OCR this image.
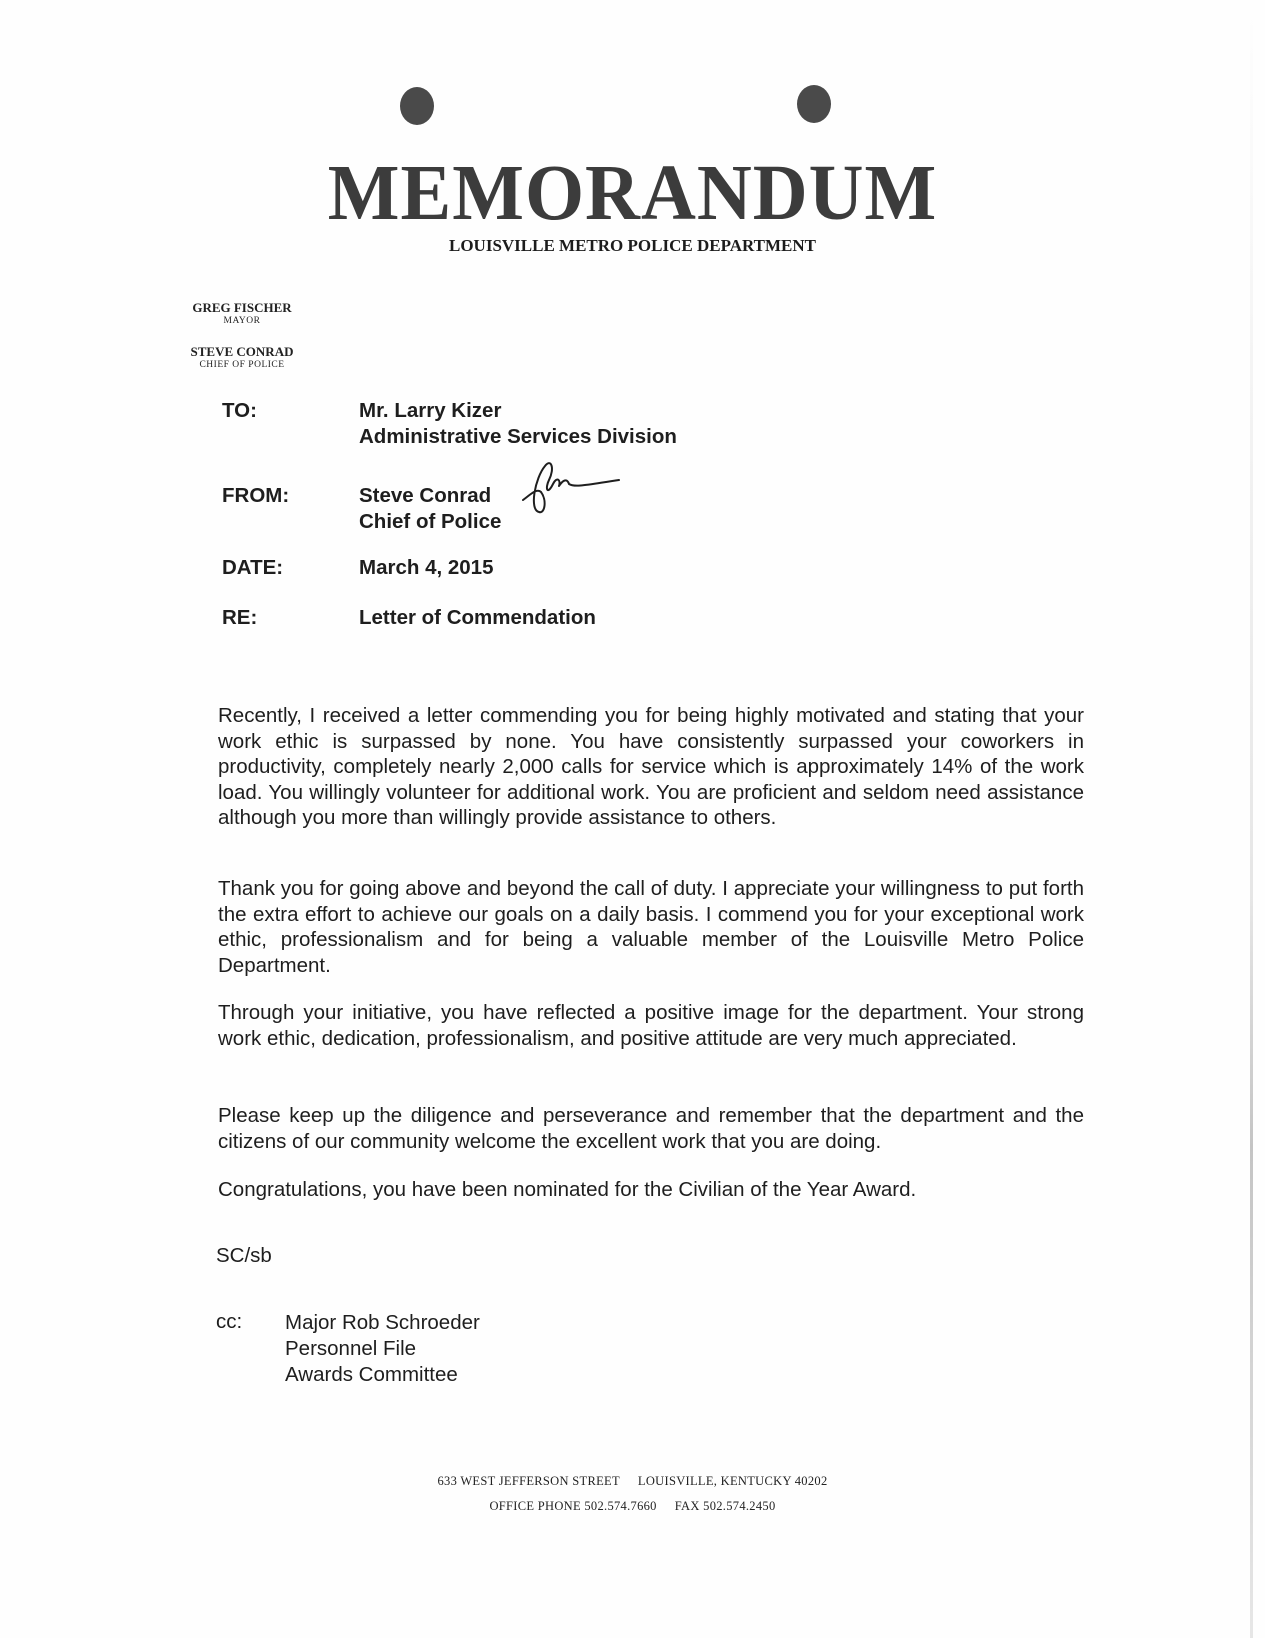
MEMORANDUM
LOUISVILLE METRO POLICE DEPARTMENT
GREG FISCHER
MAYOR
STEVE CONRAD
CHIEF OF POLICE
TO:	Mr. Larry Kizer
Administrative Services Division
FROM:	Steve Conrad
Chief of Police
DATE:	March 4, 2015
RE:	Letter of Commendation

Recently, I received a letter commending you for being highly motivated and stating that your work ethic is surpassed by none. You have consistently surpassed your coworkers in productivity, completely nearly 2,000 calls for service which is approximately 14% of the work load. You willingly volunteer for additional work. You are proficient and seldom need assistance although you more than willingly provide assistance to others.

Thank you for going above and beyond the call of duty. I appreciate your willingness to put forth the extra effort to achieve our goals on a daily basis. I commend you for your exceptional work ethic, professionalism and for being a valuable member of the Louisville Metro Police Department.

Through your initiative, you have reflected a positive image for the department. Your strong work ethic, dedication, professionalism, and positive attitude are very much appreciated.

Please keep up the diligence and perseverance and remember that the department and the citizens of our community welcome the excellent work that you are doing.

Congratulations, you have been nominated for the Civilian of the Year Award.

SC/sb
cc: Major Rob Schroeder
Personnel File
Awards Committee
633 WEST JEFFERSON STREET LOUISVILLE, KENTUCKY 40202
OFFICE PHONE 502.574.7660 FAX 502.574.2450
